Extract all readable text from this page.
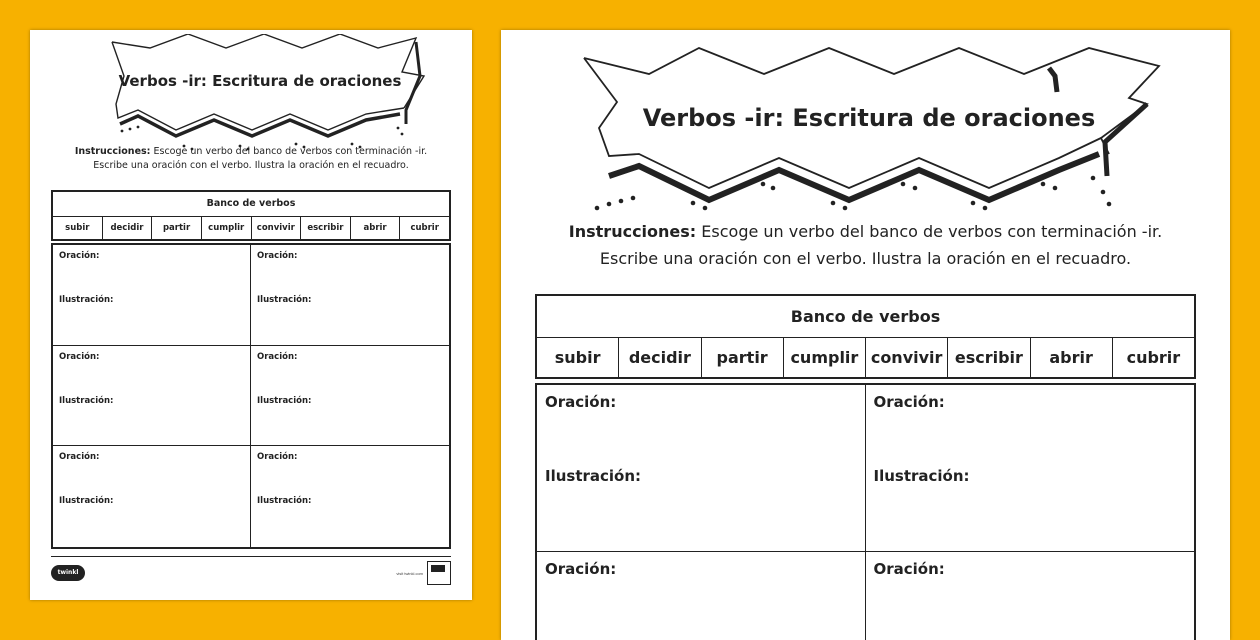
Verbos -ir: Escritura de oraciones
Instrucciones: Escoge un verbo del banco de verbos con terminación -ir.
Escribe una oración con el verbo. Ilustra la oración en el recuadro.
Banco de verbos
subir	decidir	partir	cumplir	convivir	escribir	abrir	cubrir
Oración:
Ilustración:
Oración:
Ilustración:
Oración:
Ilustración:
Oración:
Ilustración:
Oración:
Ilustración:
Oración:
Ilustración:
twinkl	visit twinkl.com
Verbos -ir: Escritura de oraciones
Instrucciones: Escoge un verbo del banco de verbos con terminación -ir.
Escribe una oración con el verbo. Ilustra la oración en el recuadro.
Banco de verbos
subir	decidir	partir	cumplir convivir escribir	abrir	cubrir
Oración:
Ilustración:
Oración:
Ilustración:
Oración:	Oración:
